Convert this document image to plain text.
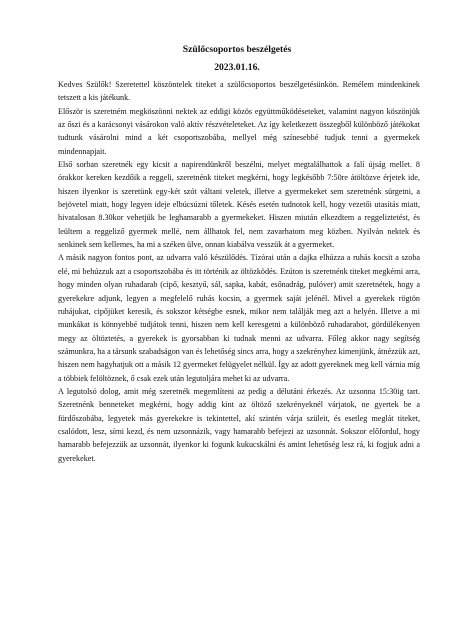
Szülőcsoportos beszélgetés
2023.01.16.

Kedves Szülők! Szeretettel köszöntelek titeket a szülőcsoportos beszélgetésünkön. Remélem mindenkinek tetszett a kis játékunk.

Először is szeretném megköszönni nektek az eddigi közös együttműködéseteket, valamint nagyon köszönjük az őszi és a karácsonyi vásárokon való aktív részvételeteket. Az így keletkezett összegből különböző játékokat tudtunk vásárolni mind a két csoportszobába, mellyel még színesebbé tudjuk tenni a gyermekek mindennapjait.

Első sorban szeretnék egy kicsit a napirendünkről beszélni, melyet megtalálhattok a falí újság mellet. 8 órakkor kereken kezdőik a reggeli, szeretnénk titeket megkérni, hogy legkésőbb 7:50re átöltözve érjetek ide, hiszen ilyenkor is szeretünk egy-két szót váltani veletek, illetve a gyermekeket sem szeretnénk sürgetni, a bejövetel miatt, hogy legyen ideje elbúcsúzni tőletek. Késés esetén tudnotok kell, hogy vezetői utasítás miatt, hivatalosan 8.30kor vehetjük be leghamarabb a gyermekeket. Hiszen miután elkezdtem a reggeliztetést, és leültem a reggeliző gyermek mellé, nem állhatok fel, nem zavarhatom meg közben. Nyilván nektek és senkinek sem kellemes, ha mi a széken ülve, onnan kiabálva vesszük át a gyermeket.

A másik nagyon fontos pont, az udvarra való készülődés. Tízórai után a dajka elhúzza a ruhás kocsit a szoba elé, mi behúzzuk azt a csoportszobába és itt történik az öltözködés. Ezúton is szeretnénk titeket megkérni arra, hogy minden olyan ruhadarab (cipő, kesztyű, sál, sapka, kabát, esőnadrág, pulóver) amit szeretnétek, hogy a gyerekekre adjunk, legyen a megfelelő ruhás kocsin, a gyermek saját jelénél. Mivel a gyerekek rögtön ruhájukat, cipőjüket keresik, és sokszor kétségbe esnek, mikor nem találják meg azt a helyén. Illetve a mi munkákat is könnyebbé tudjátok tenni, hiszen nem kell keresgetni a különböző ruhadarabot, gördülékenyen megy az öltöztetés, a gyerekek is gyorsabban ki tudnak menni az udvarra. Főleg akkor nagy segítség számunkra, ha a társunk szabadságon van és lehetőség sincs arra, hogy a szekrényhez kimenjünk, átnézzük azt, hiszen nem hagyhatjuk ott a másik 12 gyermeket felügyelet nélkül. Így az adott gyereknek meg kell várnia míg a többiek felöltöznek, ő csak ezek után legutoljára mehet ki az udvarra.

A legutolsó dolog, amit még szeretnék megemlíteni az pedig a délutáni érkezés. Az uzsonna 15:30ig tart. Szeretnénk benneteket megkérni, hogy addig kint az öltöző szekrényeknél várjatok, ne gyertek be a fürdőszobába, legyetek más gyerekekre is tekintettel, akí szintén várja szüleit, és esetleg meglát titeket, csalódott, lesz, sírni kezd, és nem uzsonnázik, vagy hamarabb befejezi az uzsonnát. Sokszor előfordul, hogy hamarabb befejezzük az uzsonnát, ilyenkor ki fogunk kukucskálni és amint lehetőség lesz rá, ki fogjuk adni a gyerekeket.
